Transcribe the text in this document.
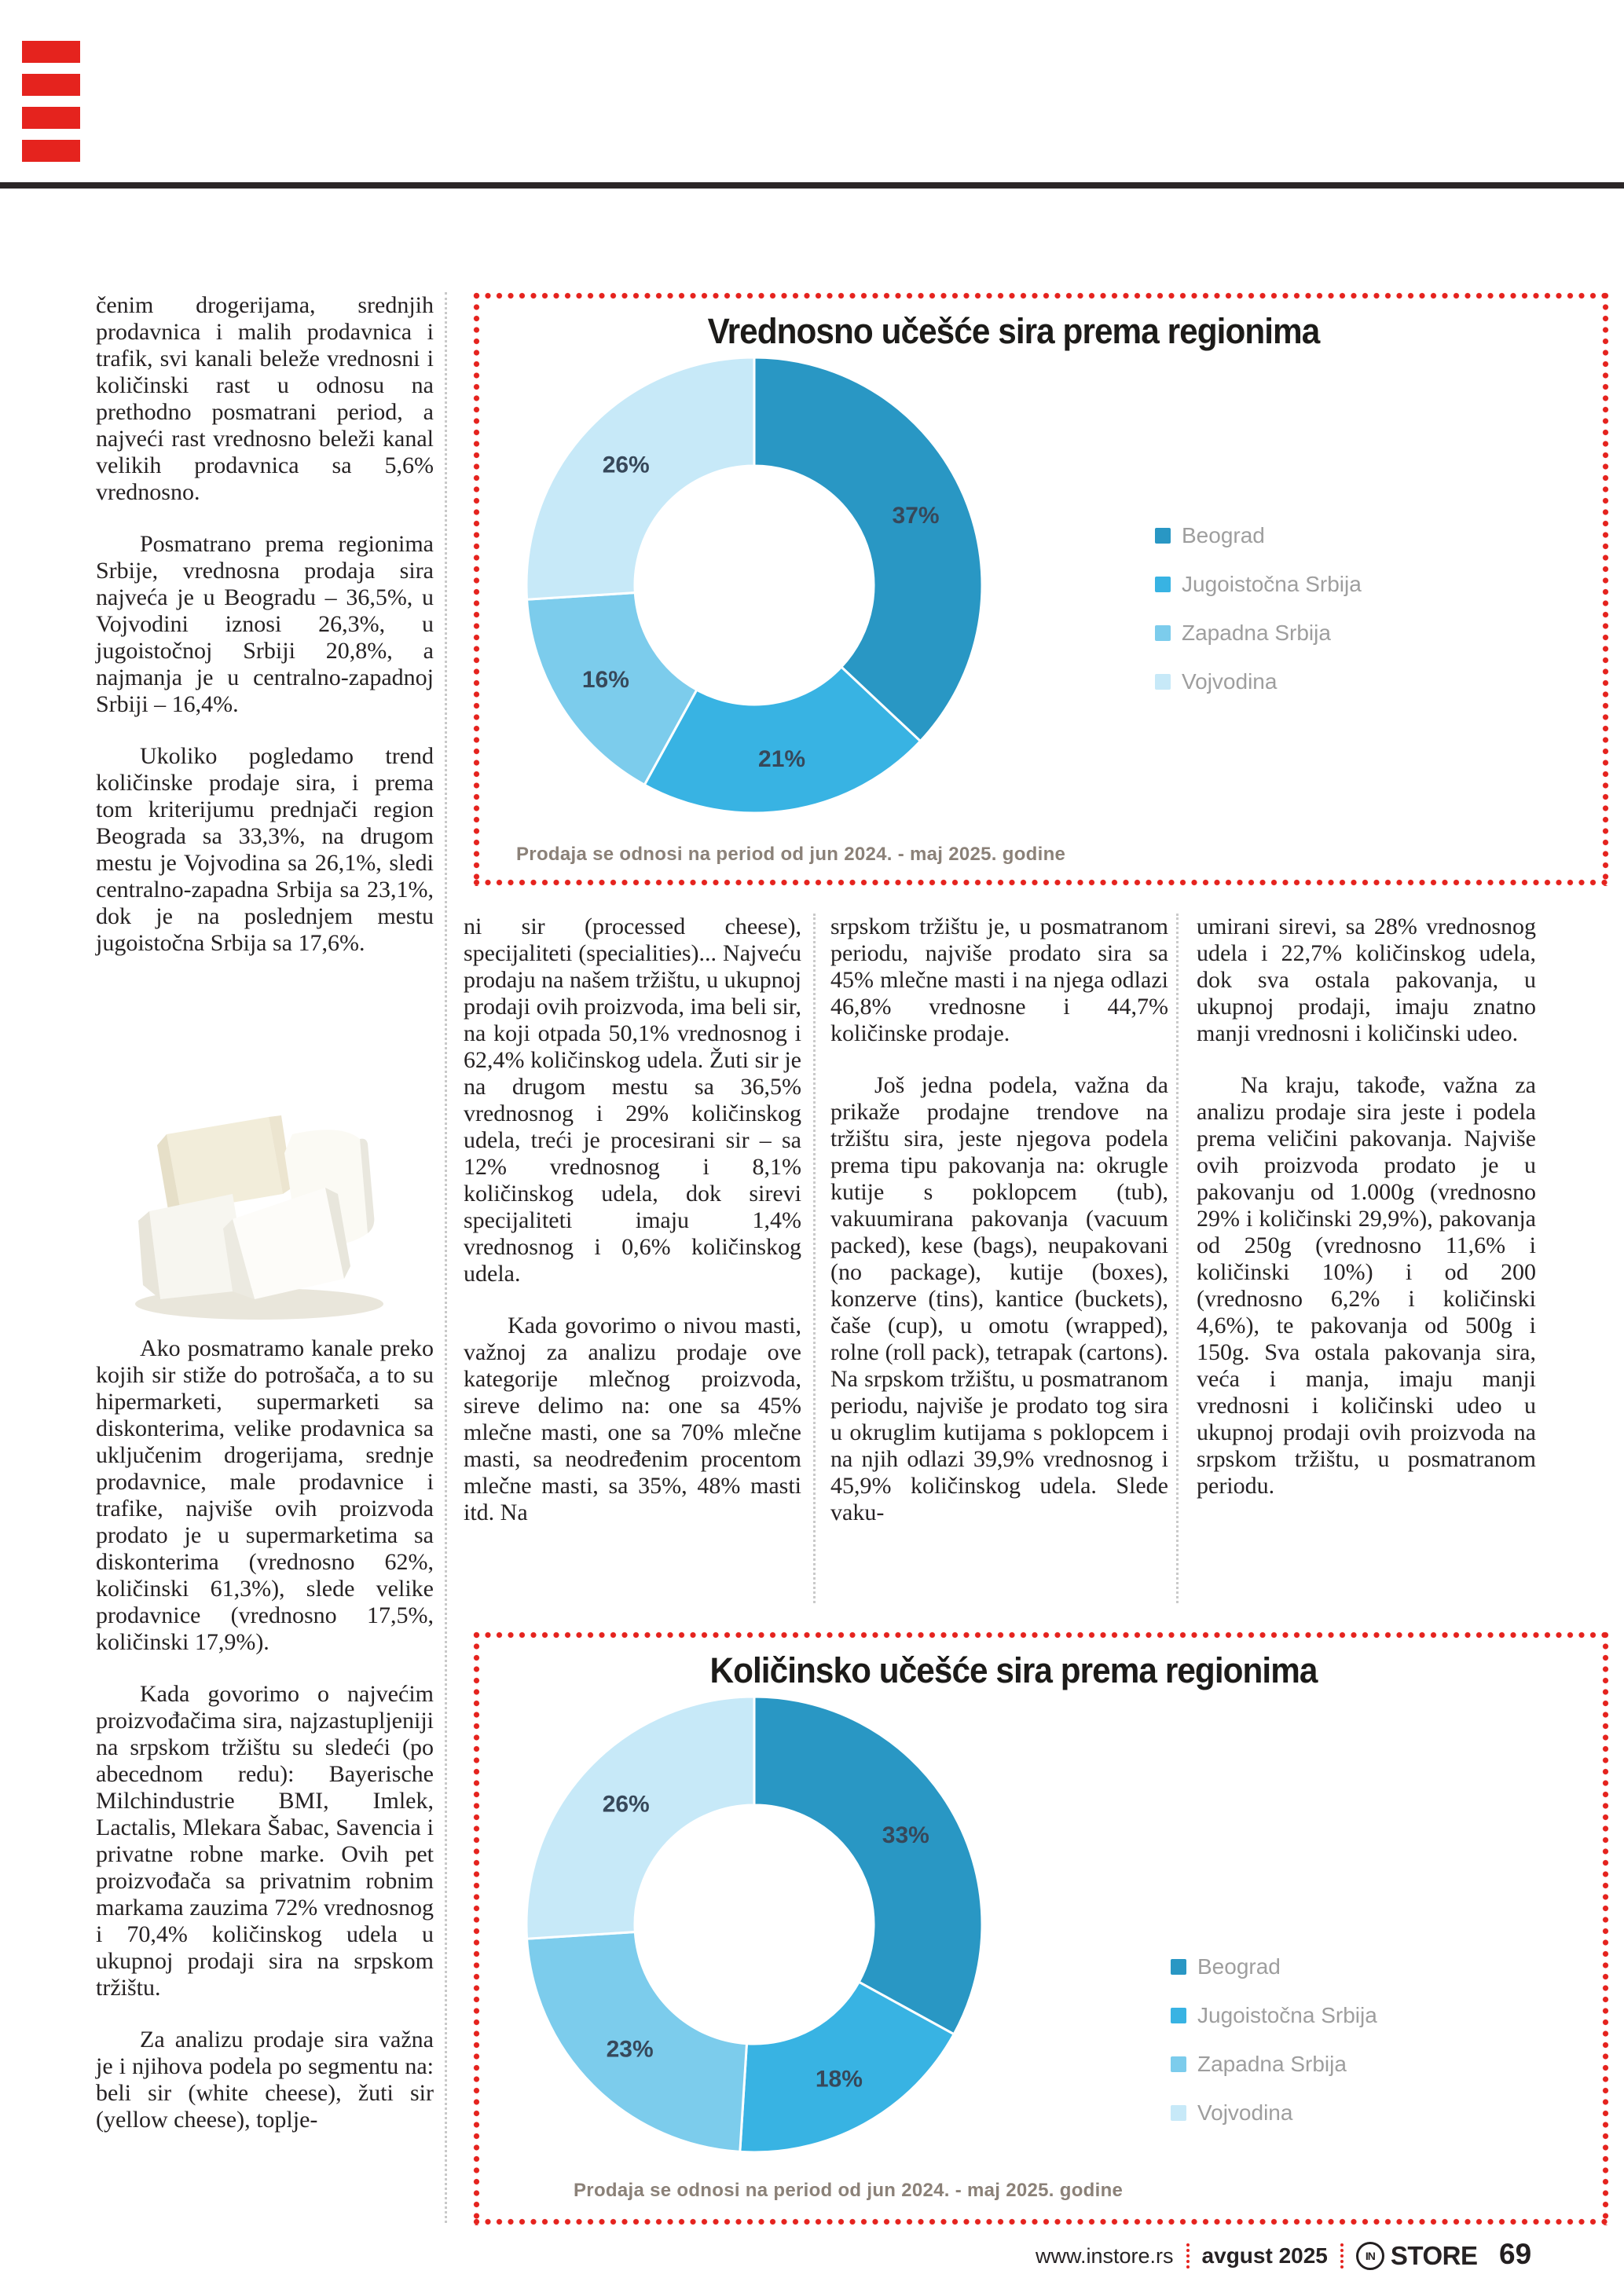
čenim drogerijama, srednjih prodavnica i malih prodavnica i trafik, svi kanali beleže vrednosni i količinski rast u odnosu na prethodno posmatrani period, a najveći rast vrednosno beleži kanal velikih prodavnica sa 5,6% vrednosno.

Posmatrano prema regionima Srbije, vrednosna prodaja sira najveća je u Beogradu – 36,5%, u Vojvodini iznosi 26,3%, u jugoistočnoj Srbiji 20,8%, a najmanja je u centralno-zapadnoj Srbiji – 16,4%.

Ukoliko pogledamo trend količinske prodaje sira, i prema tom kriterijumu prednjači region Beograda sa 33,3%, na drugom mestu je Vojvodina sa 26,1%, sledi centralno-zapadna Srbija sa 23,1%, dok je na poslednjem mestu jugoistočna Srbija sa 17,6%.

Ako posmatramo kanale preko kojih sir stiže do potrošača, a to su hipermarketi, supermarketi sa diskonterima, velike prodavnica sa uključenim drogerijama, srednje prodavnice, male prodavnice i trafike, najviše ovih proizvoda prodato je u supermarketima sa diskonterima (vrednosno 62%, količinski 61,3%), slede velike prodavnice (vrednosno 17,5%, količinski 17,9%).

Kada govorimo o najvećim proizvođačima sira, najzastupljeniji na srpskom tržištu su sledeći (po abecednom redu): Bayerische Milchindustrie BMI, Imlek, Lactalis, Mlekara Šabac, Savencia i privatne robne marke. Ovih pet proizvođača sa privatnim robnim markama zauzima 72% vrednosnog i 70,4% količinskog udela u ukupnoj prodaji sira na srpskom tržištu.

Za analizu prodaje sira važna je i njihova podela po segmentu na: beli sir (white cheese), žuti sir (yellow cheese), toplje-

Vrednosno učešće sira prema regionima
37%
21%
16%
26%
Beograd
Jugoistočna Srbija
Zapadna Srbija
Vojvodina
Prodaja se odnosi na period od jun 2024. - maj 2025. godine

ni sir (processed cheese), specijaliteti (specialities)... Najveću prodaju na našem tržištu, u ukupnoj prodaji ovih proizvoda, ima beli sir, na koji otpada 50,1% vrednosnog i 62,4% količinskog udela. Žuti sir je na drugom mestu sa 36,5% vrednosnog i 29% količinskog udela, treći je procesirani sir – sa 12% vrednosnog i 8,1% količinskog udela, dok sirevi specijaliteti imaju 1,4% vrednosnog i 0,6% količinskog udela.

Kada govorimo o nivou masti, važnoj za analizu prodaje ove kategorije mlečnog proizvoda, sireve delimo na: one sa 45% mlečne masti, one sa 70% mlečne masti, sa neodređenim procentom mlečne masti, sa 35%, 48% masti itd. Na

srpskom tržištu je, u posmatranom periodu, najviše prodato sira sa 45% mlečne masti i na njega odlazi 46,8% vrednosne i 44,7% količinske prodaje.

Još jedna podela, važna da prikaže prodajne trendove na tržištu sira, jeste njegova podela prema tipu pakovanja na: okrugle kutije s poklopcem (tub), vakuumirana pakovanja (vacuum packed), kese (bags), neupakovani (no package), kutije (boxes), konzerve (tins), kantice (buckets), čaše (cup), u omotu (wrapped), rolne (roll pack), tetrapak (cartons). Na srpskom tržištu, u posmatranom periodu, najviše je prodato tog sira u okruglim kutijama s poklopcem i na njih odlazi 39,9% vrednosnog i 45,9% količinskog udela. Slede vaku-

umirani sirevi, sa 28% vrednosnog udela i 22,7% količinskog udela, dok sva ostala pakovanja, u ukupnoj prodaji, imaju znatno manji vrednosni i količinski udeo.

Na kraju, takođe, važna za analizu prodaje sira jeste i podela prema veličini pakovanja. Najviše ovih proizvoda prodato je u pakovanju od 1.000g (vrednosno 29% i količinski 29,9%), pakovanja od 250g (vrednosno 11,6% i količinski 10%) i od 200 (vrednosno 6,2% i količinski 4,6%), te pakovanja od 500g i 150g. Sva ostala pakovanja sira, veća i manja, imaju manji vrednosni i količinski udeo u ukupnoj prodaji ovih proizvoda na srpskom tržištu, u posmatranom periodu.

Količinsko učešće sira prema regionima
33%
18%
23%
26%
Beograd
Jugoistočna Srbija
Zapadna Srbija
Vojvodina
Prodaja se odnosi na period od jun 2024. - maj 2025. godine
www.instore.rs avgust 2025	IN STORE 69
